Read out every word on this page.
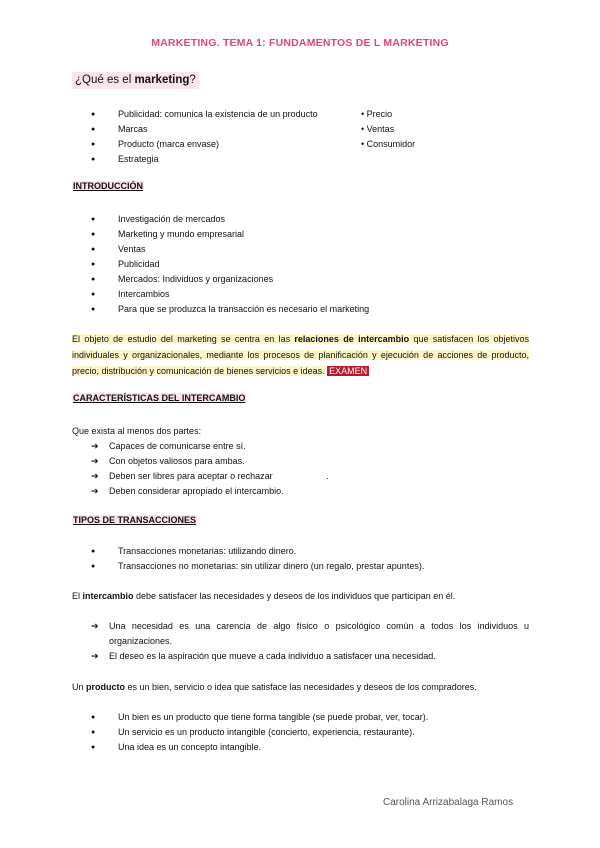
MARKETING. TEMA 1: FUNDAMENTOS DE L MARKETING
¿Qué es el marketing?
● Publicidad: comunica la existencia de un producto
● Marcas
● Producto (marca envase)
● Estrategia
• Precio
• Ventas
• Consumidor
INTRODUCCIÓN
● Investigación de mercados
● Marketing y mundo empresarial
● Ventas
● Publicidad
● Mercados: Individuos y organizaciones
● Intercambios
● Para que se produzca la transacción es necesario el marketing
El objeto de estudio del marketing se centra en las relaciones de intercambio que satisfacen los objetivos individuales y organizacionales, mediante los procesos de planificación y ejecución de acciones de producto, precio, distribución y comunicación de bienes servicios e ideas. EXAMEN
CARACTERÍSTICAS DEL INTERCAMBIO
Que exista al menos dos partes:
➔ Capaces de comunicarse entre sí.
➔ Con objetos valiosos para ambas.
➔ Deben ser libres para aceptar o rechazar
➔ Deben considerar apropiado el intercambio.
.
TIPOS DE TRANSACCIONES
● Transacciones monetarias: utilizando dinero.
● Transacciones no monetarias: sin utilizar dinero (un regalo, prestar apuntes).
El intercambio debe satisfacer las necesidades y deseos de los individuos que participan en él.
➔ Una necesidad es una carencia de algo físico o psicológico común a todos los individuos u organizaciones.
➔ El deseo es la aspiración que mueve a cada individuo a satisfacer una necesidad.
Un producto es un bien, servicio o idea que satisface las necesidades y deseos de los compradores.
● Un bien es un producto que tiene forma tangible (se puede probar, ver, tocar).
● Un servicio es un producto intangible (concierto, experiencia, restaurante).
● Una idea es un concepto intangible.
Carolina Arrizabalaga Ramos
